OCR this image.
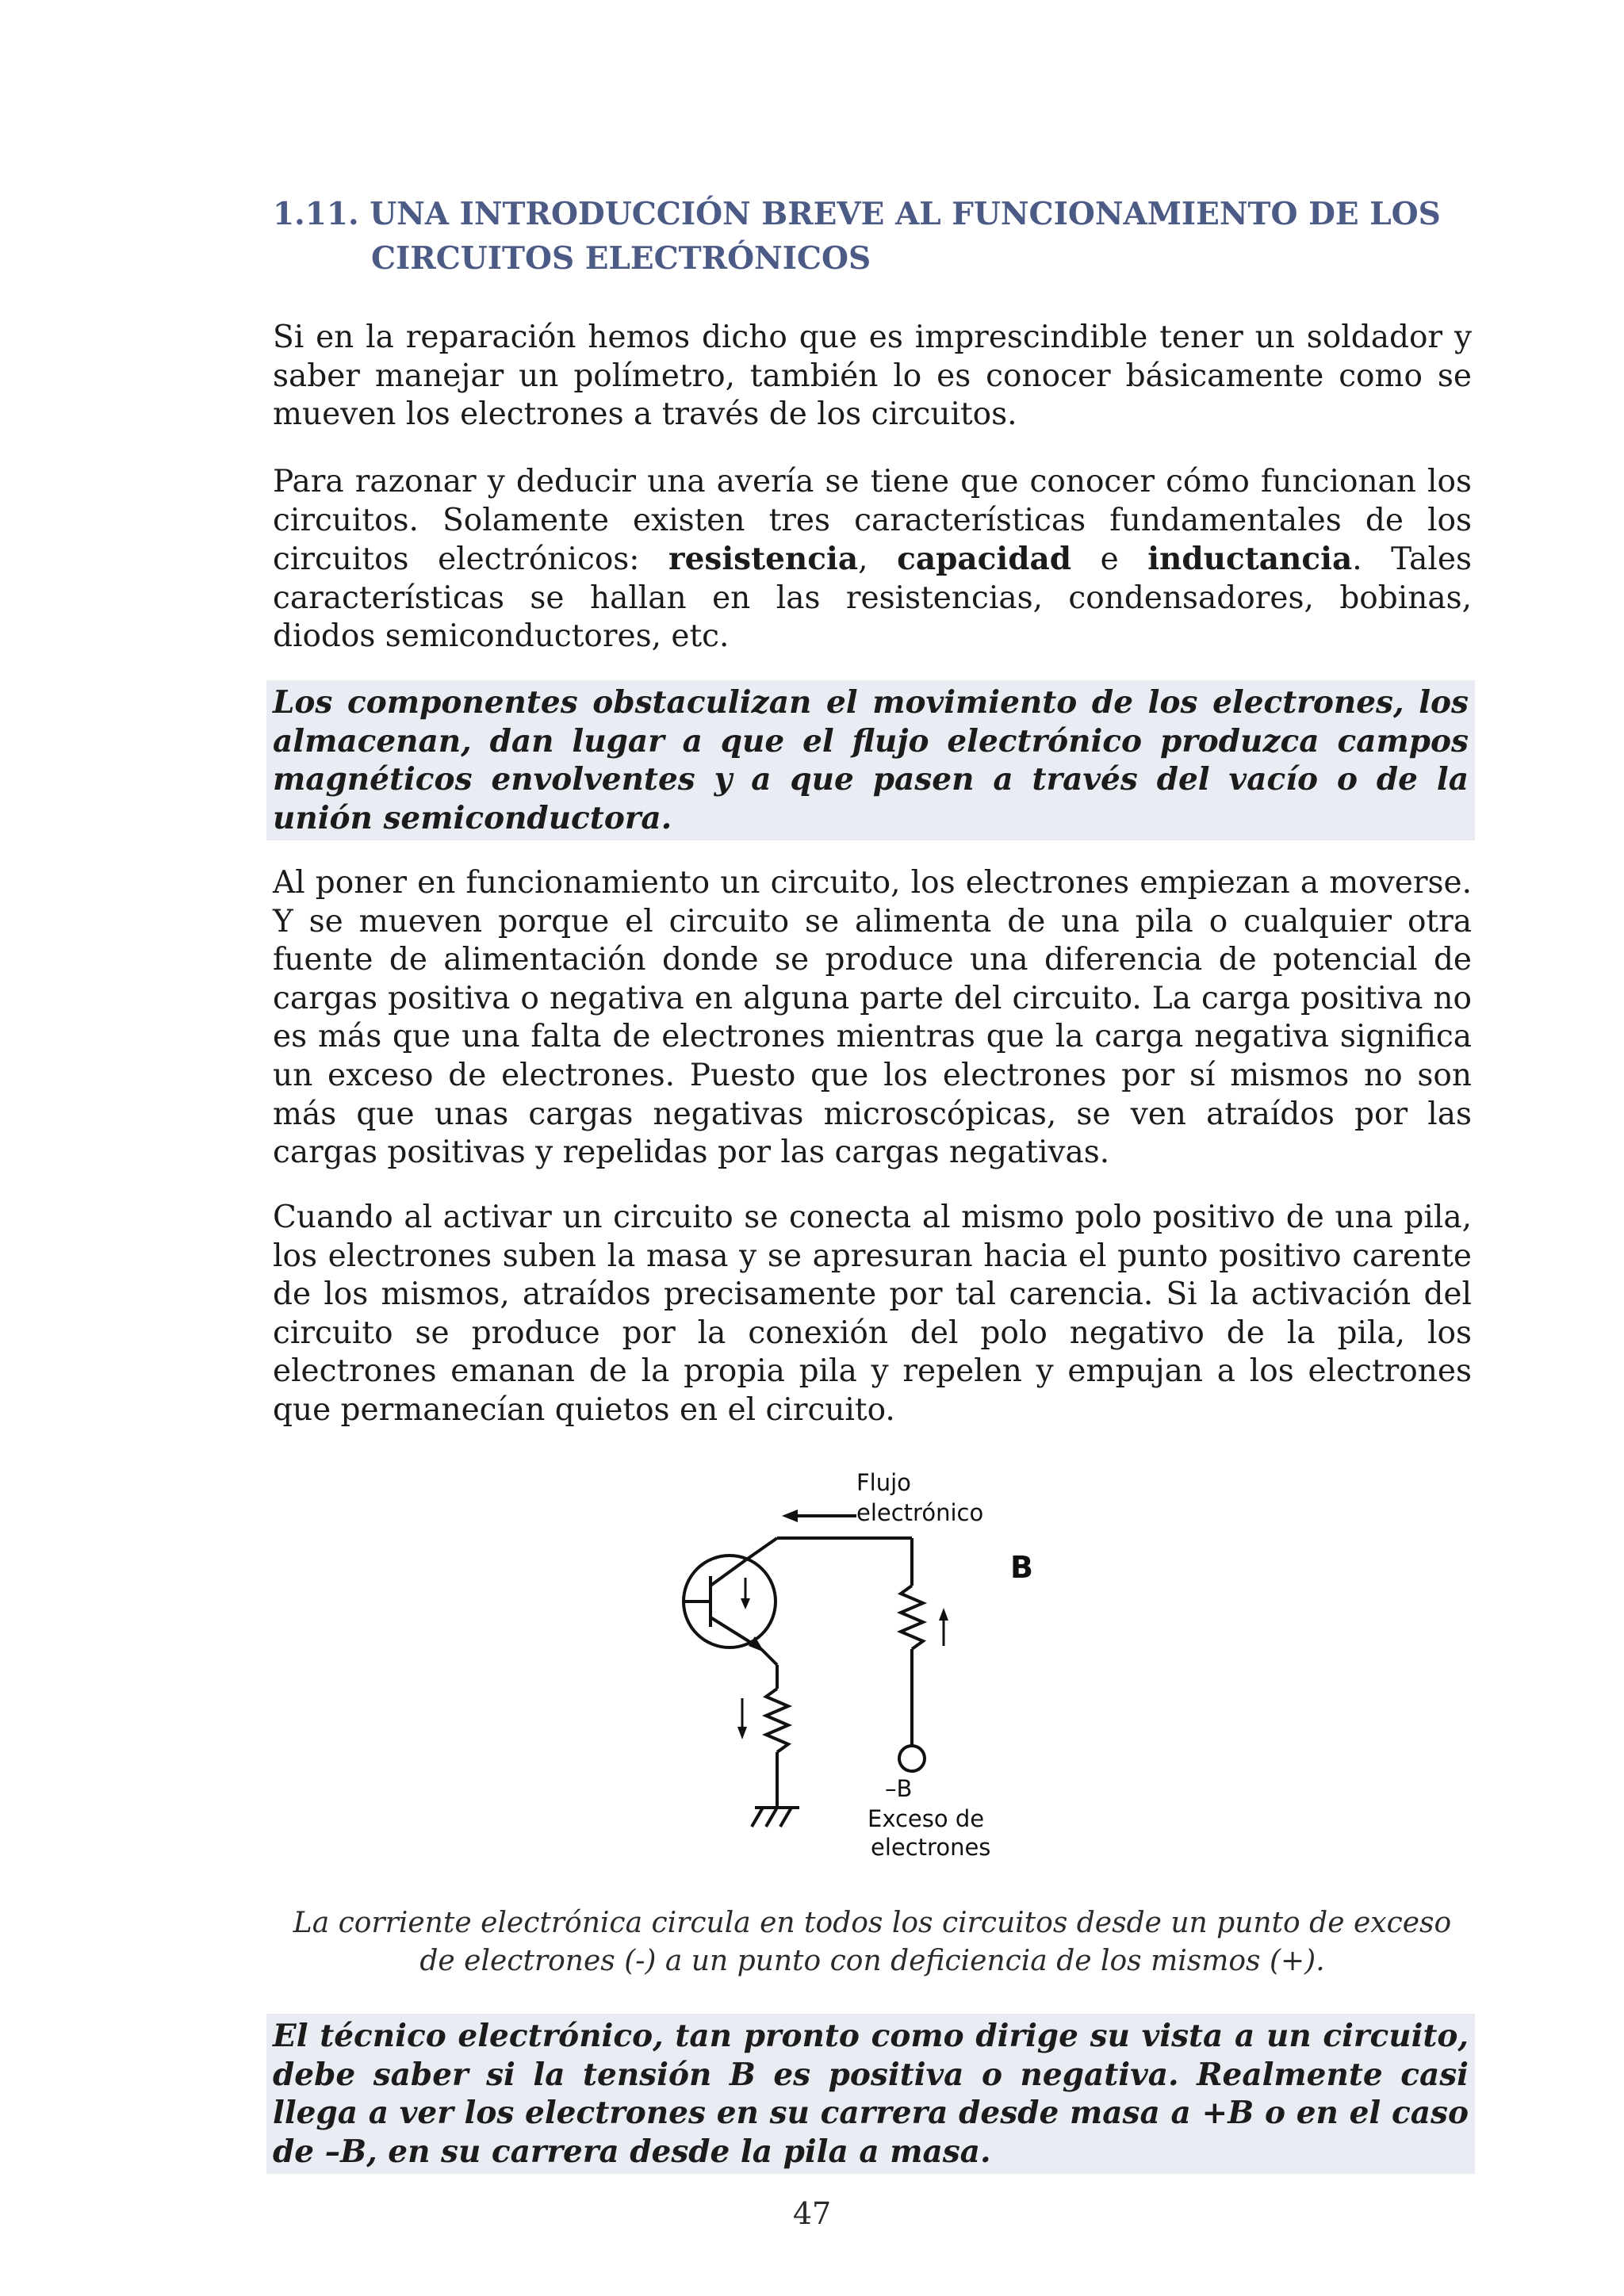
1.11. UNA INTRODUCCIÓN BREVE AL FUNCIONAMIENTO DE LOS
CIRCUITOS ELECTRÓNICOS

Si en la reparación hemos dicho que es imprescindible tener un soldador y saber manejar un polímetro, también lo es conocer básicamente como se mueven los electrones a través de los circuitos.

Para razonar y deducir una avería se tiene que conocer cómo funcionan los circuitos. Solamente existen tres características fundamentales de los circuitos electrónicos: resistencia, capacidad e inductancia. Tales características se hallan en las resistencias, condensadores, bobinas, diodos semiconductores, etc.

Los componentes obstaculizan el movimiento de los electrones, los almacenan, dan lugar a que el flujo electrónico produzca campos magnéticos envolventes y a que pasen a través del vacío o de la unión semiconductora.

Al poner en funcionamiento un circuito, los electrones empiezan a moverse. Y se mueven porque el circuito se alimenta de una pila o cualquier otra fuente de alimentación donde se produce una diferencia de potencial de cargas positiva o negativa en alguna parte del circuito. La carga positiva no es más que una falta de electrones mientras que la carga negativa significa un exceso de electrones. Puesto que los electrones por sí mismos no son más que unas cargas negativas microscópicas, se ven atraídos por las cargas positivas y repelidas por las cargas negativas.

Cuando al activar un circuito se conecta al mismo polo positivo de una pila, los electrones suben la masa y se apresuran hacia el punto positivo carente de los mismos, atraídos precisamente por tal carencia. Si la activación del circuito se produce por la conexión del polo negativo de la pila, los electrones emanan de la propia pila y repelen y empujan a los electrones que permanecían quietos en el circuito.

Flujo
electrónico
B
–B
Exceso de
electrones

La corriente electrónica circula en todos los circuitos desde un punto de exceso de electrones (-) a un punto con deficiencia de los mismos (+).

El técnico electrónico, tan pronto como dirige su vista a un circuito, debe saber si la tensión B es positiva o negativa. Realmente casi llega a ver los electrones en su carrera desde masa a +B o en el caso de –B, en su carrera desde la pila a masa.

47
